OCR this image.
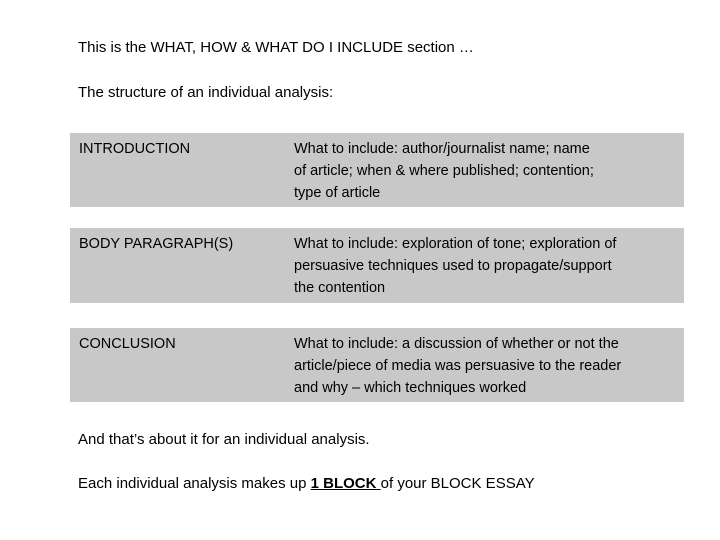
This is the WHAT, HOW & WHAT DO I INCLUDE section …
The structure of an individual analysis:
INTRODUCTION	What to include: author/journalist name; name
of article; when & where published; contention;
type of article
BODY PARAGRAPH(S)	What to include: exploration of tone; exploration of
persuasive techniques used to propagate/support
the contention
CONCLUSION	What to include: a discussion of whether or not the
article/piece of media was persuasive to the reader
and why – which techniques worked
And that’s about it for an individual analysis.
Each individual analysis makes up 1 BLOCK of your BLOCK ESSAY
